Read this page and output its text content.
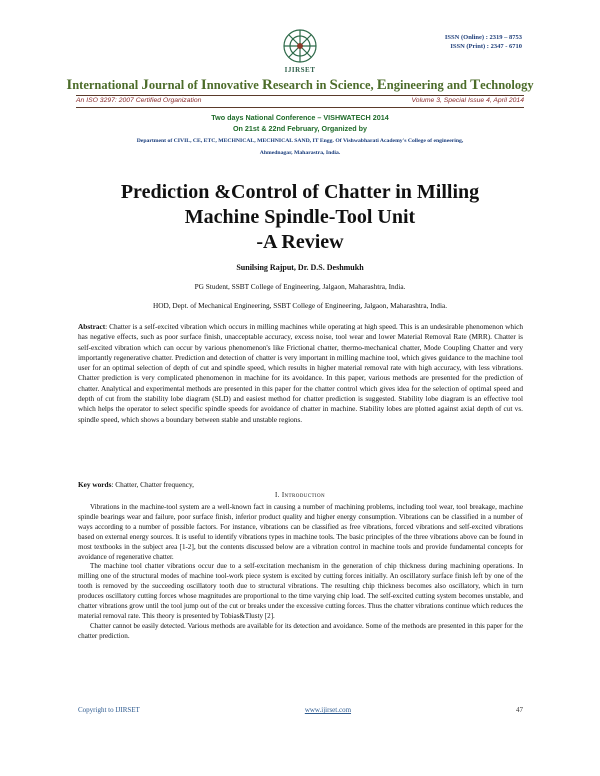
ISSN (Online) : 2319 – 8753
ISSN (Print) : 2347 - 6710
IJIRSET
International Journal of Innovative Research in Science, Engineering and Technology
An ISO 3297: 2007 Certified Organization	Volume 3, Special Issue 4, April 2014
Two days National Conference – VISHWATECH 2014
On 21st & 22nd February, Organized by
Department of CIVIL, CE, ETC, MECHNICAL, MECHNICAL SAND, IT Engg. Of Vishwabharati Academy's College of engineering,
Ahmednagar, Maharastra, India.
Prediction &Control of Chatter in Milling
Machine Spindle-Tool Unit
-A Review
Sunilsing Rajput, Dr. D.S. Deshmukh
PG Student, SSBT College of Engineering, Jalgaon, Maharashtra, India.
HOD, Dept. of Mechanical Engineering, SSBT College of Engineering, Jalgaon, Maharashtra, India.
Abstract: Chatter is a self-excited vibration which occurs in milling machines while operating at high speed. This is an undesirable phenomenon which has negative effects, such as poor surface finish, unacceptable accuracy, excess noise, tool wear and lower Material Removal Rate (MRR). Chatter is self-excited vibration which can occur by various phenomenon's like Frictional chatter, thermo-mechanical chatter, Mode Coupling Chatter and very importantly regenerative chatter. Prediction and detection of chatter is very important in milling machine tool, which gives guidance to the machine tool user for an optimal selection of depth of cut and spindle speed, which results in higher material removal rate with high accuracy, with less vibrations. Chatter prediction is very complicated phenomenon in machine for its avoidance. In this paper, various methods are presented for the prediction of chatter. Analytical and experimental methods are presented in this paper for the chatter control which gives idea for the selection of optimal speed and depth of cut from the stability lobe diagram (SLD) and easiest method for chatter prediction is suggested. Stability lobe diagram is an effective tool which helps the operator to select specific spindle speeds for avoidance of chatter in machine. Stability lobes are plotted against axial depth of cut vs. spindle speed, which shows a boundary between stable and unstable regions.
Key words: Chatter, Chatter frequency,
I. Introduction

Vibrations in the machine-tool system are a well-known fact in causing a number of machining problems, including tool wear, tool breakage, machine spindle bearings wear and failure, poor surface finish, inferior product quality and higher energy consumption. Vibrations can be classified in a number of ways according to a number of possible factors. For instance, vibrations can be classified as free vibrations, forced vibrations and self-excited vibrations based on external energy sources. It is useful to identify vibrations types in machine tools. The basic principles of the three vibrations above can be found in most textbooks in the subject area [1-2], but the contents discussed below are a vibration control in machine tools and provide fundamental concepts for avoidance of regenerative chatter.

The machine tool chatter vibrations occur due to a self-excitation mechanism in the generation of chip thickness during machining operations. In milling one of the structural modes of machine tool-work piece system is excited by cutting forces initially. An oscillatory surface finish left by one of the tooth is removed by the succeeding oscillatory tooth due to structural vibrations. The resulting chip thickness becomes also oscillatory, which in turn produces oscillatory cutting forces whose magnitudes are proportional to the time varying chip load. The self-excited cutting system becomes unstable, and chatter vibrations grow until the tool jump out of the cut or breaks under the excessive cutting forces. Thus the chatter vibrations continue which reduces the material removal rate. This theory is presented by Tobias&Tlusty [2].

Chatter cannot be easily detected. Various methods are available for its detection and avoidance. Some of the methods are presented in this paper for the chatter prediction.

Copyright to IJIRSET	www.ijirset.com	47
